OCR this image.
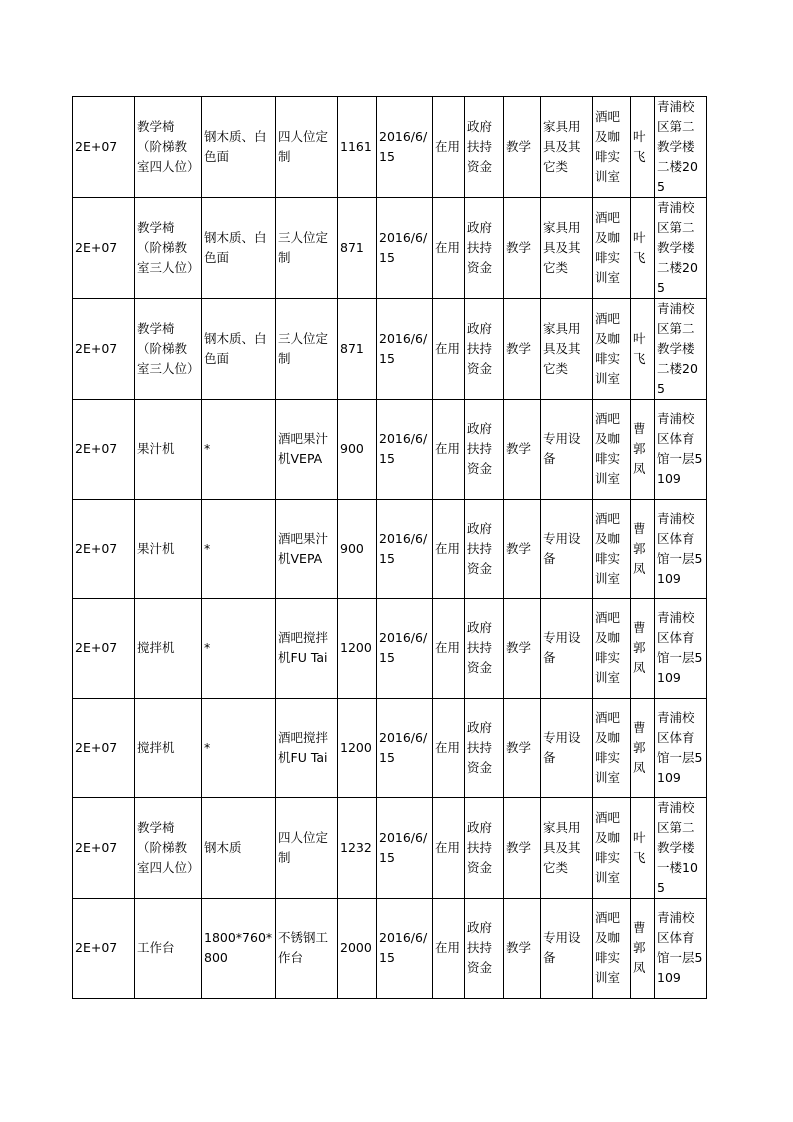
2E+07	教学椅（阶梯教室四人位）	钢木质、白色面	四人位定制	1161	2016/6/15	在用	政府扶持资金	教学	家具用具及其它类	酒吧及咖啡实训室	叶飞	青浦校区第二教学楼二楼205
2E+07	教学椅（阶梯教室三人位）	钢木质、白色面	三人位定制	871	2016/6/15	在用	政府扶持资金	教学	家具用具及其它类	酒吧及咖啡实训室	叶飞	青浦校区第二教学楼二楼205
2E+07	教学椅（阶梯教室三人位）	钢木质、白色面	三人位定制	871	2016/6/15	在用	政府扶持资金	教学	家具用具及其它类	酒吧及咖啡实训室	叶飞	青浦校区第二教学楼二楼205
2E+07	果汁机	*	酒吧果汁机VEPA	900	2016/6/15	在用	政府扶持资金	教学	专用设备	酒吧及咖啡实训室	曹郭凤	青浦校区体育馆一层5109
2E+07	果汁机	*	酒吧果汁机VEPA	900	2016/6/15	在用	政府扶持资金	教学	专用设备	酒吧及咖啡实训室	曹郭凤	青浦校区体育馆一层5109
2E+07	搅拌机	*	酒吧搅拌机FU Tai	1200	2016/6/15	在用	政府扶持资金	教学	专用设备	酒吧及咖啡实训室	曹郭凤	青浦校区体育馆一层5109
2E+07	搅拌机	*	酒吧搅拌机FU Tai	1200	2016/6/15	在用	政府扶持资金	教学	专用设备	酒吧及咖啡实训室	曹郭凤	青浦校区体育馆一层5109
2E+07	教学椅（阶梯教室四人位）	钢木质	四人位定制	1232	2016/6/15	在用	政府扶持资金	教学	家具用具及其它类	酒吧及咖啡实训室	叶飞	青浦校区第二教学楼一楼105
2E+07	工作台	1800*760*800	不锈钢工作台	2000	2016/6/15	在用	政府扶持资金	教学	专用设备	酒吧及咖啡实训室	曹郭凤	青浦校区体育馆一层5109
